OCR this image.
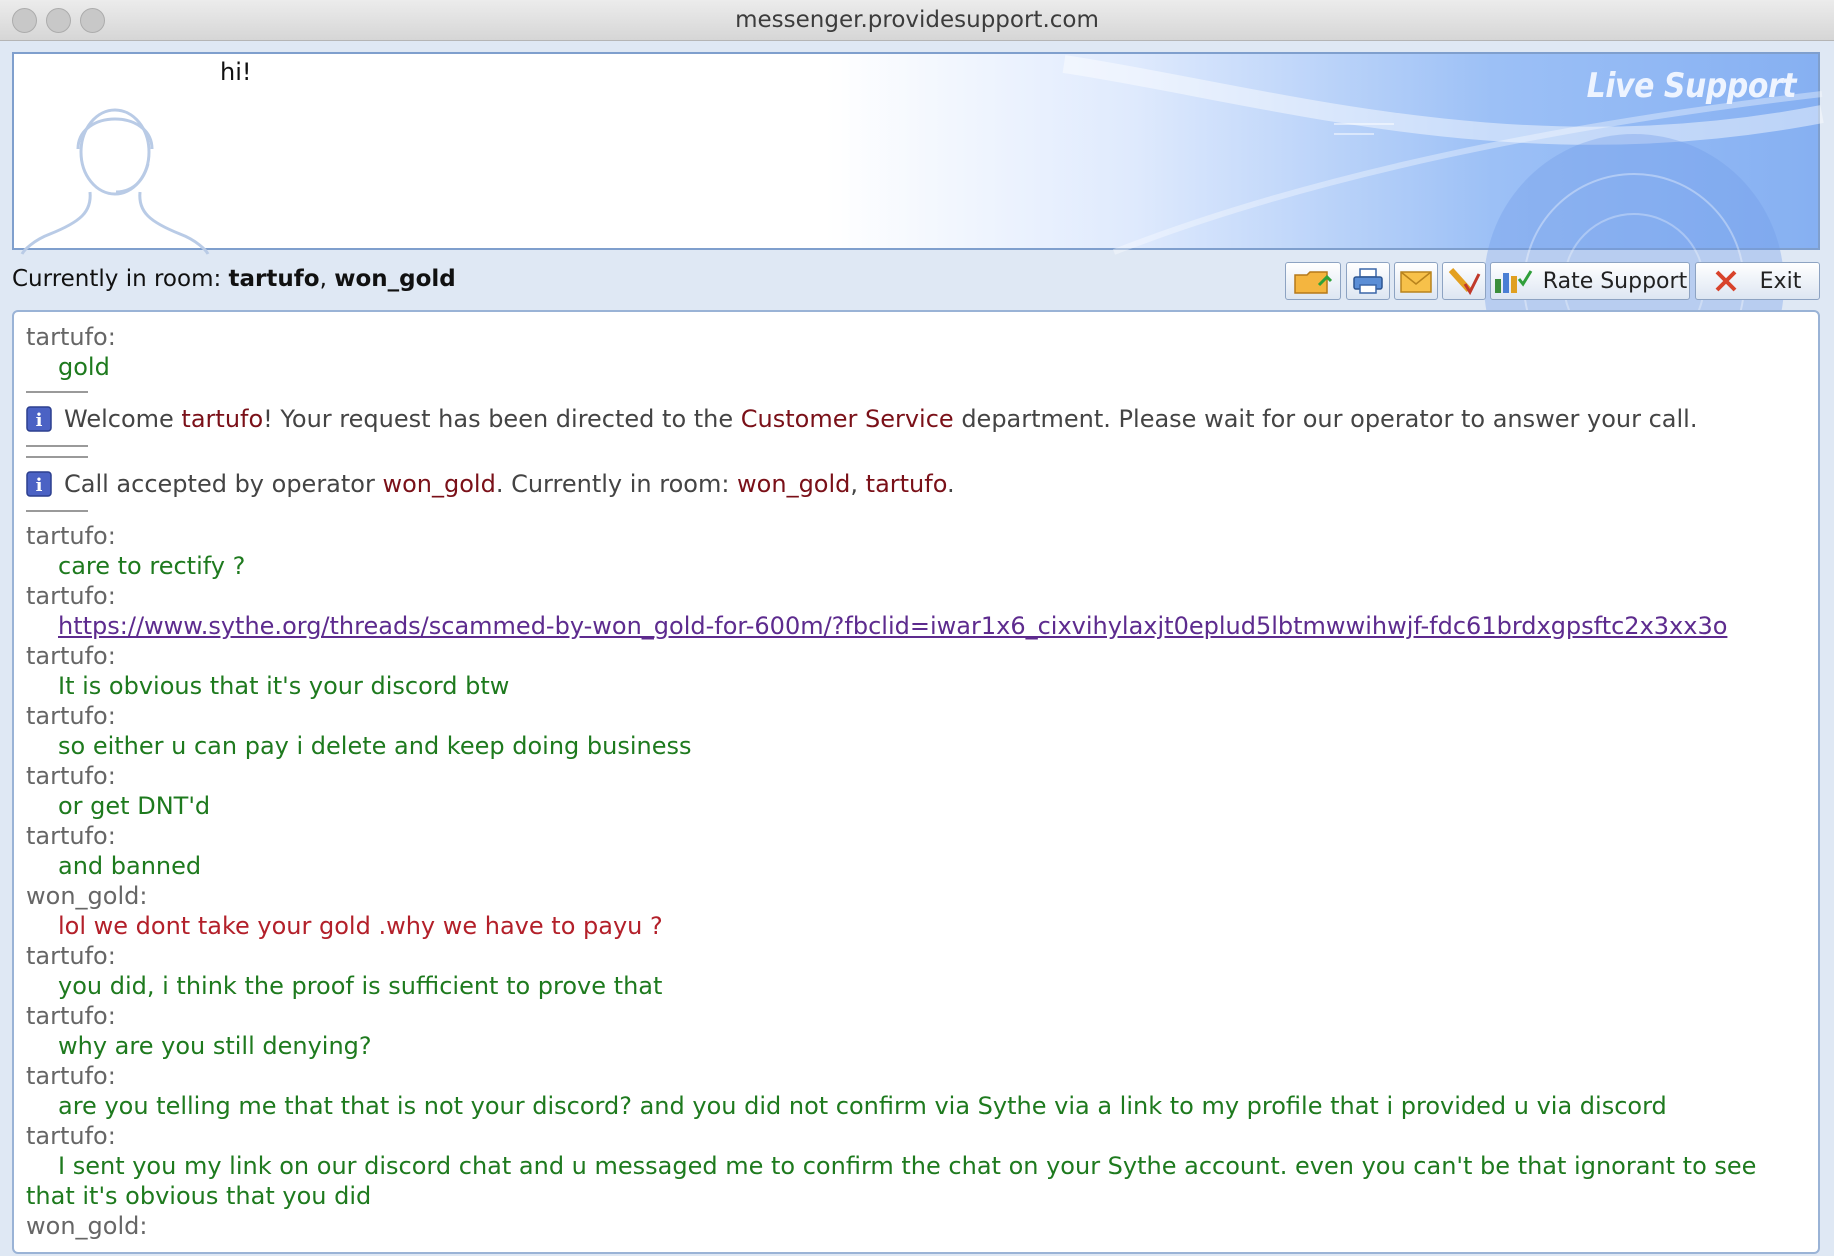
messenger.providesupport.com
hi!	Live Support
Currently in room: tartufo, won_gold	Rate Support	Exit
tartufo:
gold
i Welcome tartufo! Your request has been directed to the Customer Service department. Please wait for our operator to answer your call.
i Call accepted by operator won_gold. Currently in room: won_gold, tartufo.
tartufo:
care to rectify ?
tartufo:
https://www.sythe.org/threads/scammed-by-won_gold-for-600m/?fbclid=iwar1x6_cixvihylaxjt0eplud5lbtmwwihwjf-fdc61brdxgpsftc2x3xx3o
tartufo:
It is obvious that it's your discord btw
tartufo:
so either u can pay i delete and keep doing business
tartufo:
or get DNT'd
tartufo:
and banned
won_gold:
lol we dont take your gold .why we have to payu ?
tartufo:
you did, i think the proof is sufficient to prove that
tartufo:
why are you still denying?
tartufo:
are you telling me that that is not your discord? and you did not confirm via Sythe via a link to my profile that i provided u via discord
tartufo:
I sent you my link on our discord chat and u messaged me to confirm the chat on your Sythe account. even you can't be that ignorant to see that it's obvious that you did
won_gold:
